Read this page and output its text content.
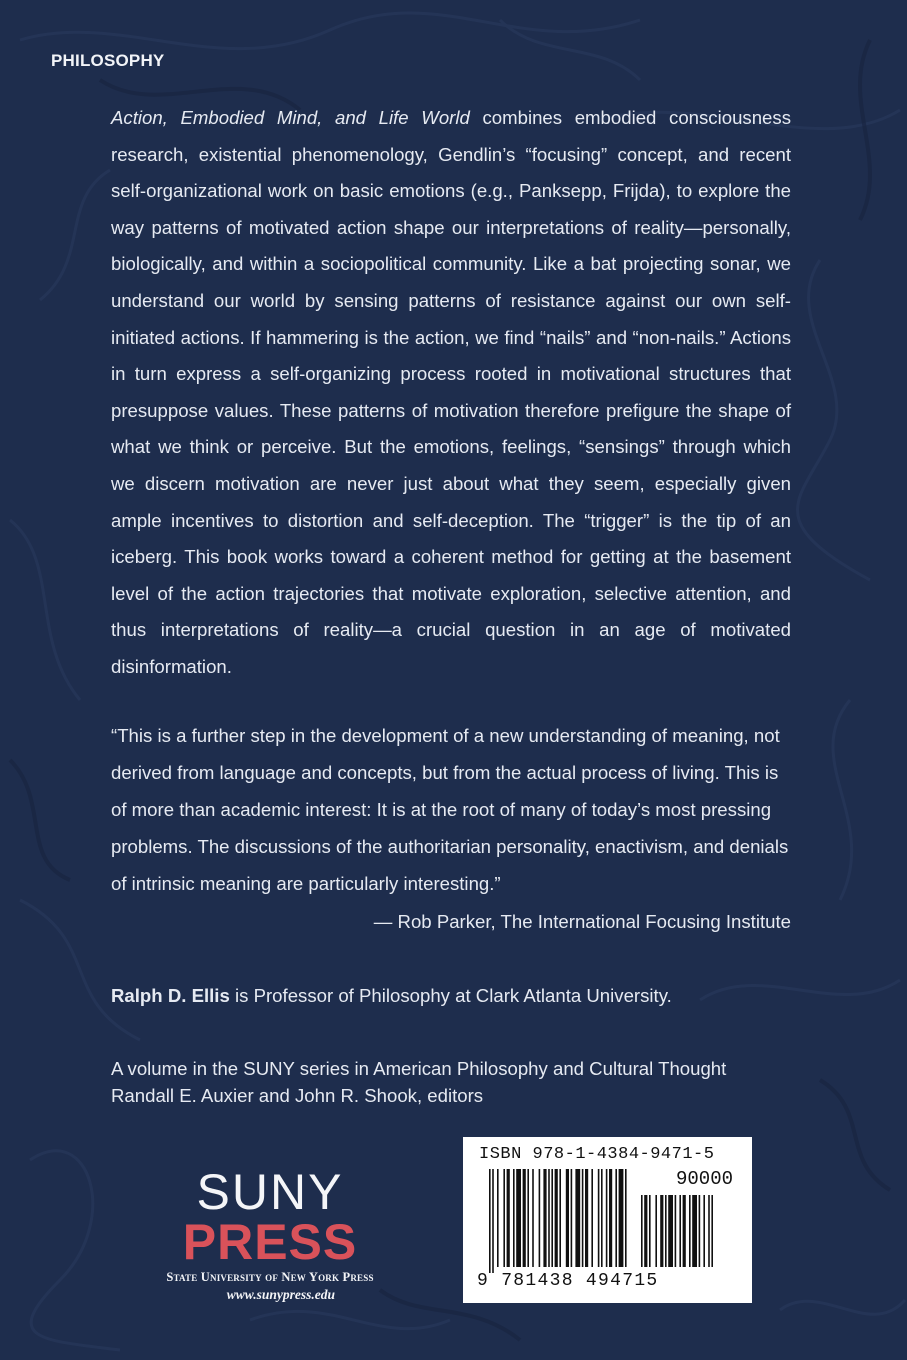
PHILOSOPHY

Action, Embodied Mind, and Life World combines embodied consciousness research, existential phenomenology, Gendlin’s “focusing” concept, and recent self-organizational work on basic emotions (e.g., Panksepp, Frijda), to explore the way patterns of motivated action shape our interpretations of reality—personally, biologically, and within a sociopolitical community. Like a bat projecting sonar, we understand our world by sensing patterns of resistance against our own self-initiated actions. If hammering is the action, we find “nails” and “non-nails.” Actions in turn express a self-organizing process rooted in motivational structures that presuppose values. These patterns of motivation therefore prefigure the shape of what we think or perceive. But the emotions, feelings, “sensings” through which we discern motivation are never just about what they seem, especially given ample incentives to distortion and self-deception. The “trigger” is the tip of an iceberg. This book works toward a coherent method for getting at the basement level of the action trajectories that motivate exploration, selective attention, and thus interpretations of reality—a crucial question in an age of motivated disinformation.

“This is a further step in the development of a new understanding of meaning, not derived from language and concepts, but from the actual process of living. This is of more than academic interest: It is at the root of many of today’s most pressing problems. The discussions of the authoritarian personality, enactivism, and denials of intrinsic meaning are particularly interesting.”

— Rob Parker, The International Focusing Institute
Ralph D. Ellis is Professor of Philosophy at Clark Atlanta University.
A volume in the SUNY series in American Philosophy and Cultural Thought
Randall E. Auxier and John R. Shook, editors
SUNY
PRESS
State University of New York Press
www.sunypress.edu
ISBN 978-1-4384-9471-5
90000
9 781438 494715
